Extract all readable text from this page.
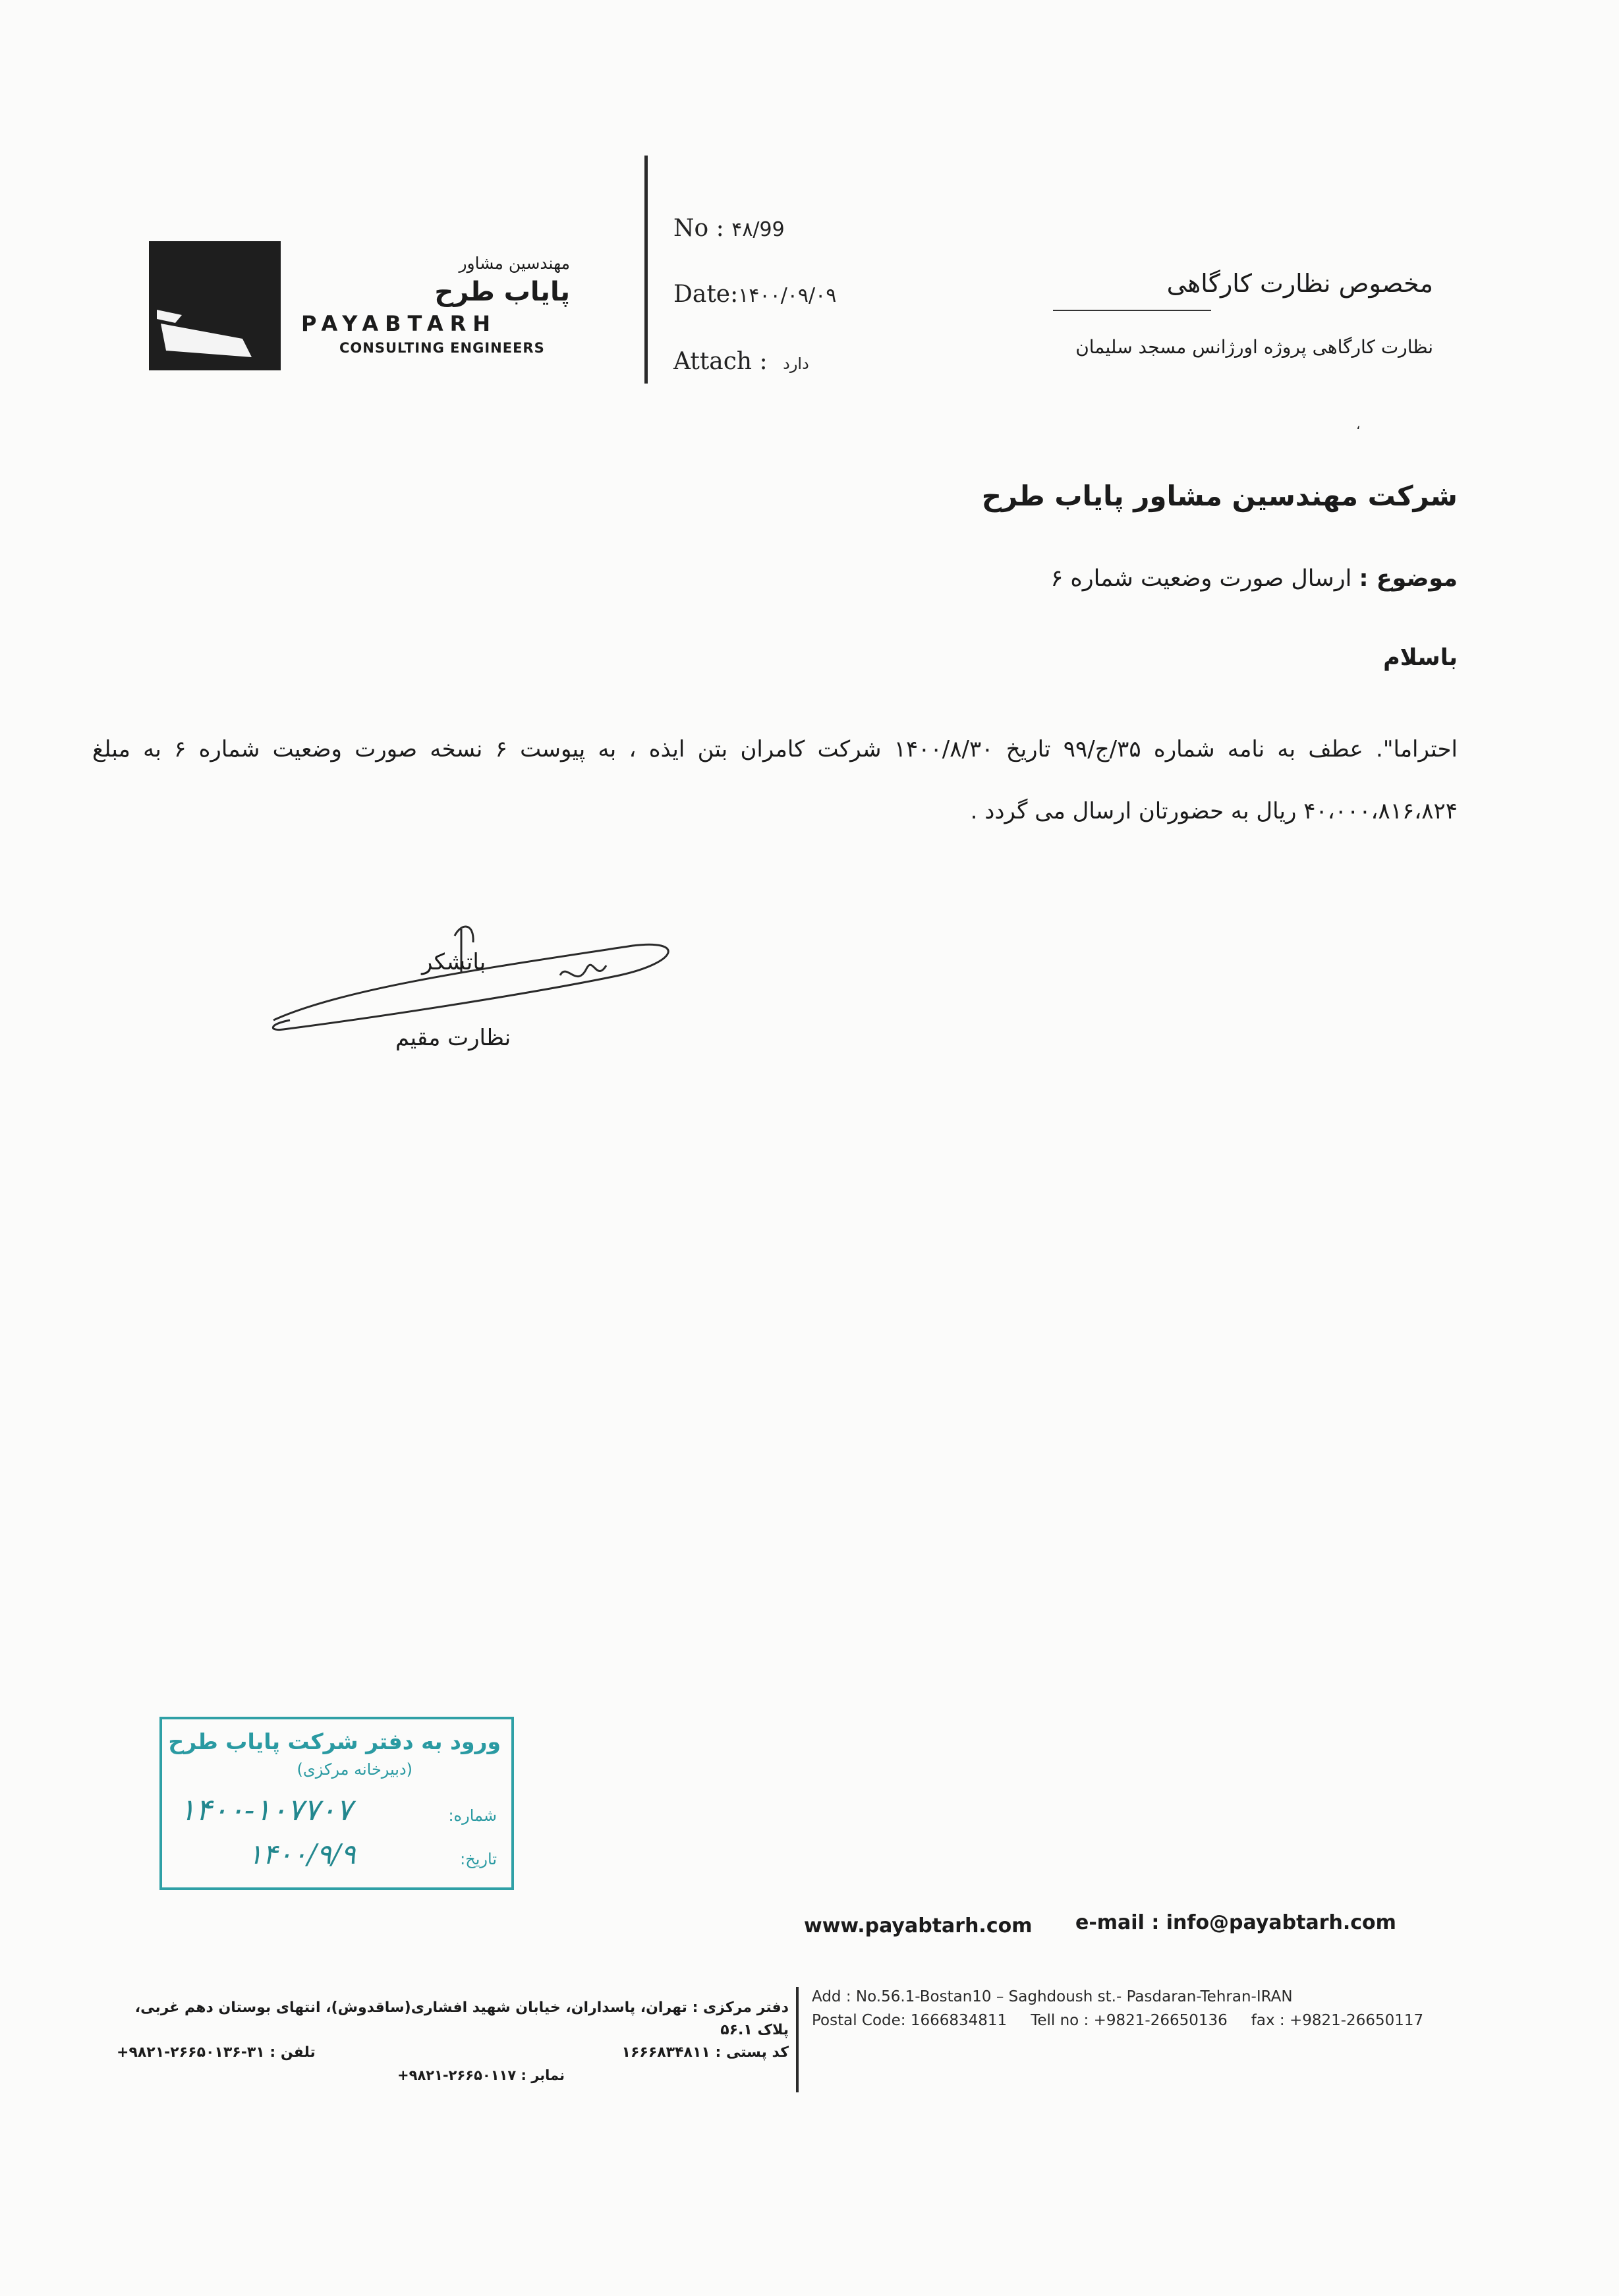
مهندسین مشاور
پایاب طرح
PAYABTARH
CONSULTING ENGINEERS
No : ۴۸/99
Date:۱۴۰۰/۰۹/۰۹
Attach : دارد
مخصوص نظارت کارگاهی
نظارت کارگاهی پروژه اورژانس مسجد سلیمان
،
شرکت مهندسین مشاور پایاب طرح
موضوع : ارسال صورت وضعیت شماره ۶
باسلام
احتراما". عطف به نامه شماره ۳۵/ج/۹۹ تاریخ ۱۴۰۰/۸/۳۰ شرکت کامران بتن ایذه ، به پیوست ۶ نسخه صورت وضعیت شماره ۶ به مبلغ ۴۰،۰۰۰،۸۱۶،۸۲۴ ریال به حضورتان ارسال می گردد .
باتشکر
نظارت مقیم
ورود به دفتر شرکت پایاب طرح
(دبیرخانه مرکزی)
شماره:
۱۴۰۰-۱۰۷۷۰۷
تاریخ:
۱۴۰۰/۹/۹
www.payabtarh.com e-mail : info@payabtarh.com
دفتر مرکزی : تهران، پاسداران، خیابان شهید افشاری(ساقدوش)، انتهای بوستان دهم غربی، پلاک ۵۶.۱
کد پستی : ۱۶۶۶۸۳۴۸۱۱
تلفن : ۳۱-۲۶۶۵۰۱۳۶-۹۸۲۱+
نمابر : ۲۶۶۵۰۱۱۷-۹۸۲۱+
Add : No.56.1-Bostan10 – Saghdoush st.- Pasdaran-Tehran-IRAN
Postal Code: 1666834811 Tell no : +9821-26650136 fax : +9821-26650117
